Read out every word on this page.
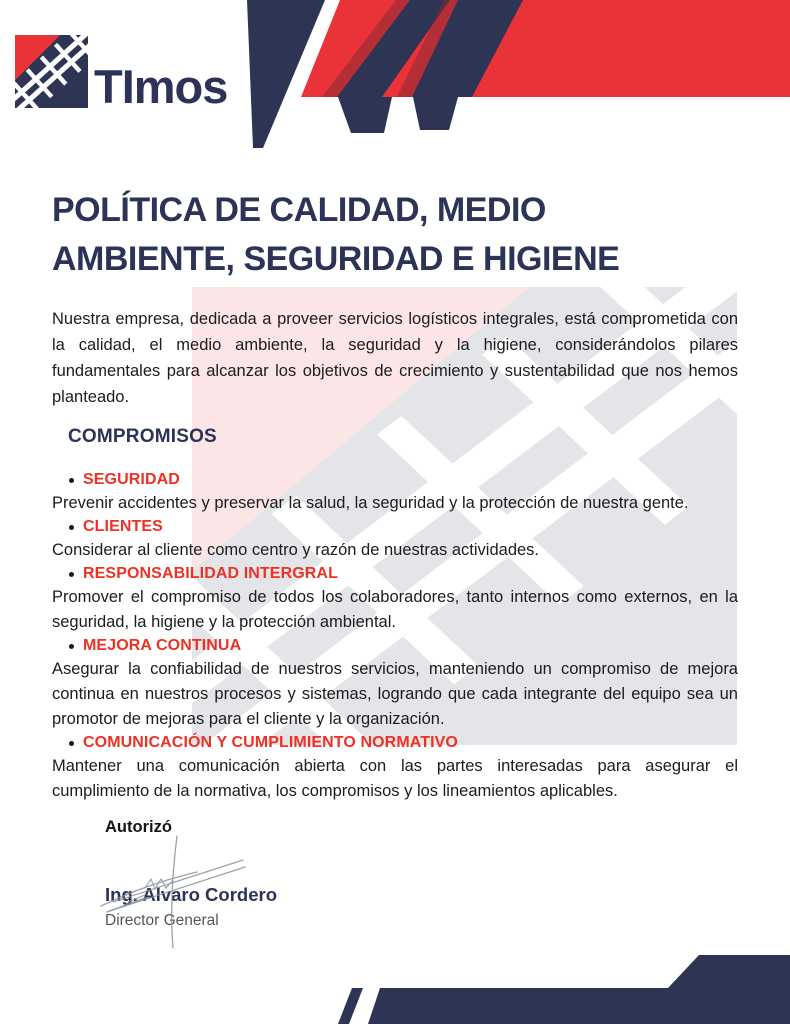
TImos
POLÍTICA DE CALIDAD, MEDIO AMBIENTE, SEGURIDAD E HIGIENE

Nuestra empresa, dedicada a proveer servicios logísticos integrales, está comprometida con la calidad, el medio ambiente, la seguridad y la higiene, considerándolos pilares fundamentales para alcanzar los objetivos de crecimiento y sustentabilidad que nos hemos planteado.

COMPROMISOS
SEGURIDAD

Prevenir accidentes y preservar la salud, la seguridad y la protección de nuestra gente.

CLIENTES

Considerar al cliente como centro y razón de nuestras actividades.

RESPONSABILIDAD INTERGRAL

Promover el compromiso de todos los colaboradores, tanto internos como externos, en la seguridad, la higiene y la protección ambiental.

MEJORA CONTINUA

Asegurar la confiabilidad de nuestros servicios, manteniendo un compromiso de mejora continua en nuestros procesos y sistemas, logrando que cada integrante del equipo sea un promotor de mejoras para el cliente y la organización.

COMUNICACIÓN Y CUMPLIMIENTO NORMATIVO

Mantener una comunicación abierta con las partes interesadas para asegurar el cumplimiento de la normativa, los compromisos y los lineamientos aplicables.

Autorizó
Ing. Alvaro Cordero
Director General
